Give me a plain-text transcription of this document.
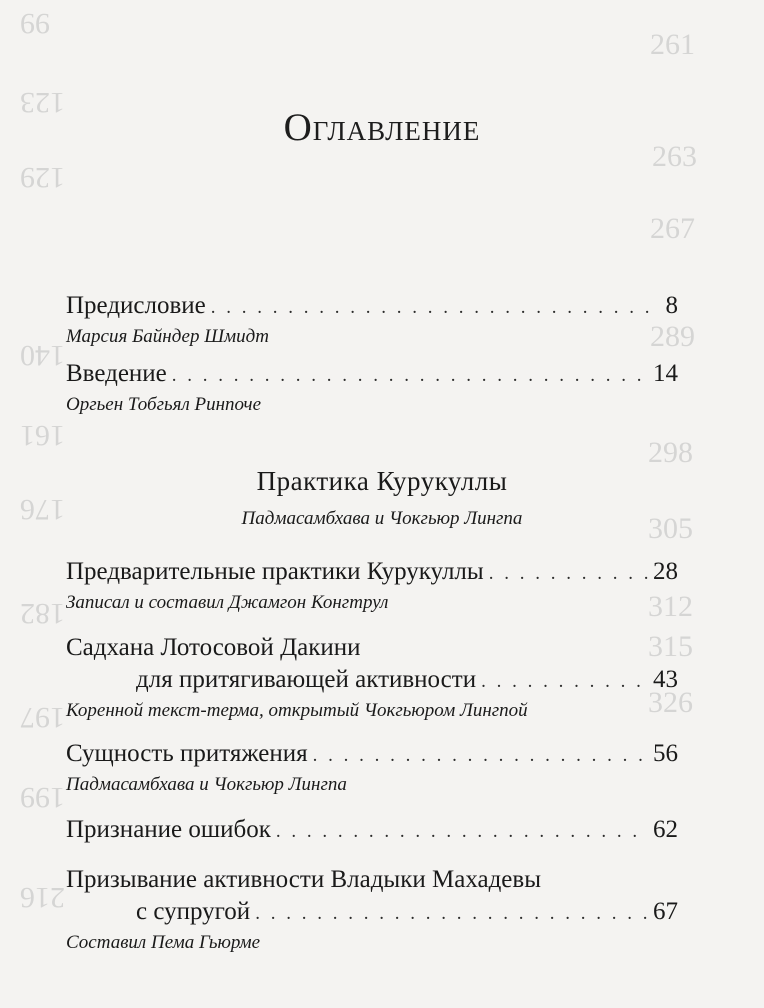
261
99
123
129
263
267
289
140
161
298
176
305
182	312
315
326
197
199
216
Оглавление
Предисловие . . .	8
Марсия Байндер Шмидт
Введение . . .	14
Оргьен Тобгьял Ринпоче
Практика Курукуллы
Падмасамбхава и Чокгьюр Лингпа
Предварительные практики Курукуллы . . .	28
Записал и составил Джамгон Конгтрул
Садхана Лотосовой Дакини
для притягивающей активности . . .	43
Коренной текст-терма, открытый Чокгьюром Лингпой
Сущность притяжения . . .	56
Падмасамбхава и Чокгьюр Лингпа
Признание ошибок . . .	62
Призывание активности Владыки Махадевы
с супругой . . .	67
Составил Пема Гьюрме
